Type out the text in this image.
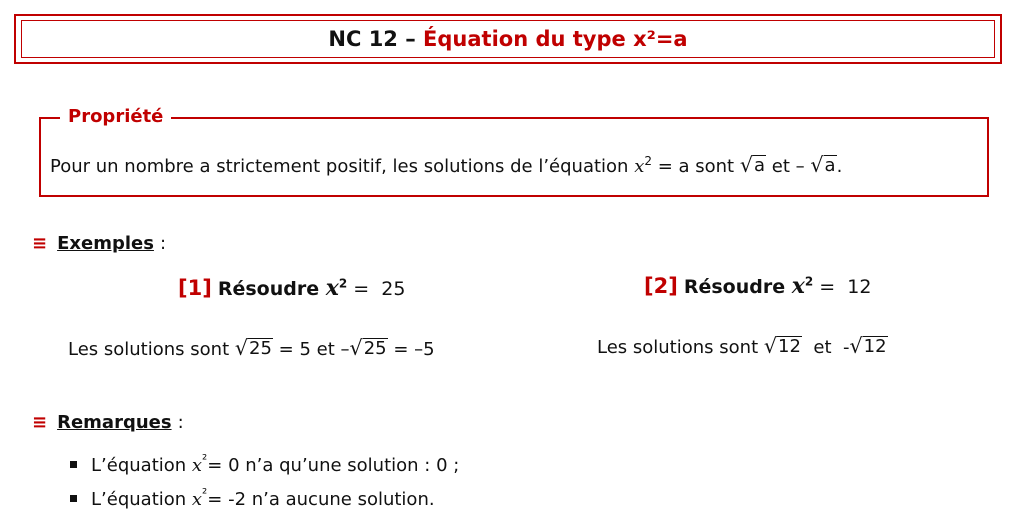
NC 12 – Équation du type x²=a
Propriété
Pour un nombre a strictement positif, les solutions de l’équation $x^2 = a$ sont √ a et – √ a .
≡ Exemples :
[1] Résoudre $x^2 = 25$	[2] Résoudre $x^2 = 12$
Les solutions sont √ 25 = 5 et – √ 25 = –5	Les solutions sont √ 12 et  - √ 12
≡ Remarques :
L’équation $x^{^2}= 0$ n’a qu’une solution : 0 ;
L’équation $x^{^2}= -2$ n’a aucune solution.
